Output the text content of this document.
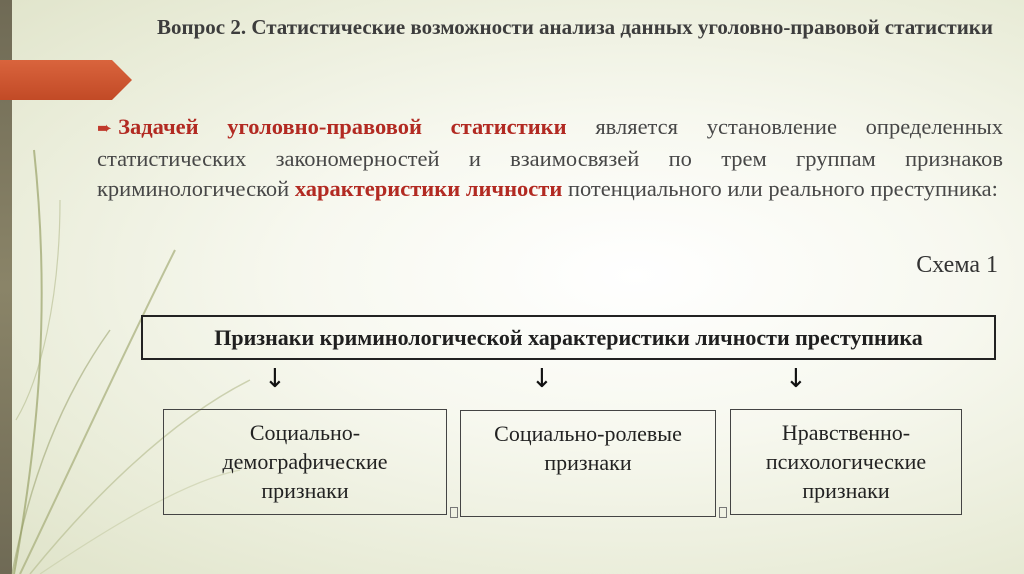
Вопрос 2. Статистические возможности анализа данных уголовно-правовой статистики
➨ Задачей уголовно-правовой статистики является установление определенных статистических закономерностей и взаимосвязей по трем группам признаков криминологической характеристики личности потенциального или реального преступника:
Схема 1
Признаки криминологической характеристики личности преступника
↓	↓	↓
Социально-демографические признаки
Социально-ролевые признаки
Нравственно-психологические признаки
